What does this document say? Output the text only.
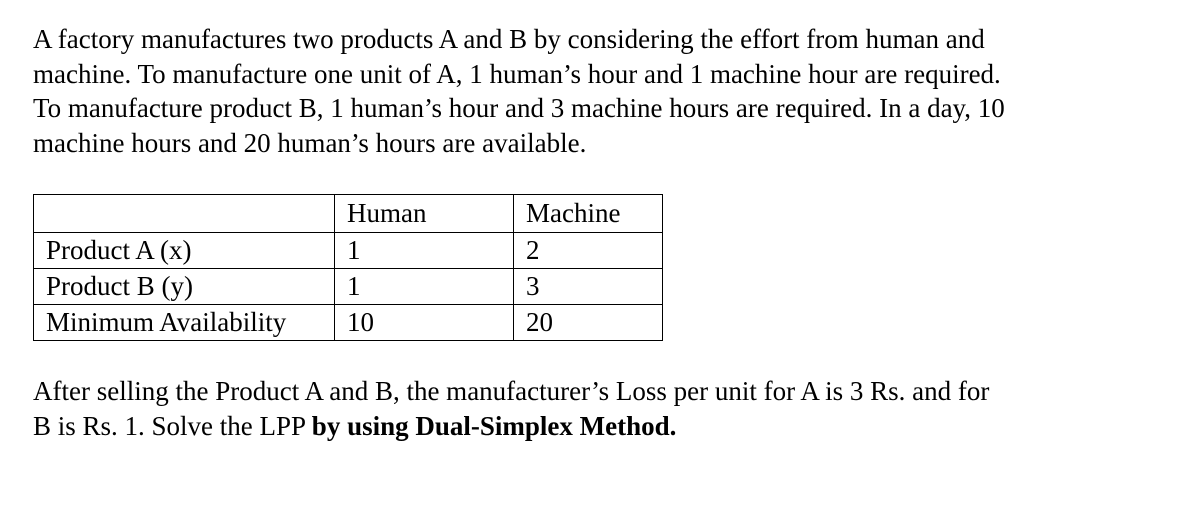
A factory manufactures two products A and B by considering the effort from human and
machine. To manufacture one unit of A, 1 human’s hour and 1 machine hour are required.
To manufacture product B, 1 human’s hour and 3 machine hours are required. In a day, 10
machine hours and 20 human’s hours are available.
	Human	Machine
Product A (x)	1	2
Product B (y)	1	3
Minimum Availability	10	20
After selling the Product A and B, the manufacturer’s Loss per unit for A is 3 Rs. and for
B is Rs. 1. Solve the LPP by using Dual-Simplex Method.
